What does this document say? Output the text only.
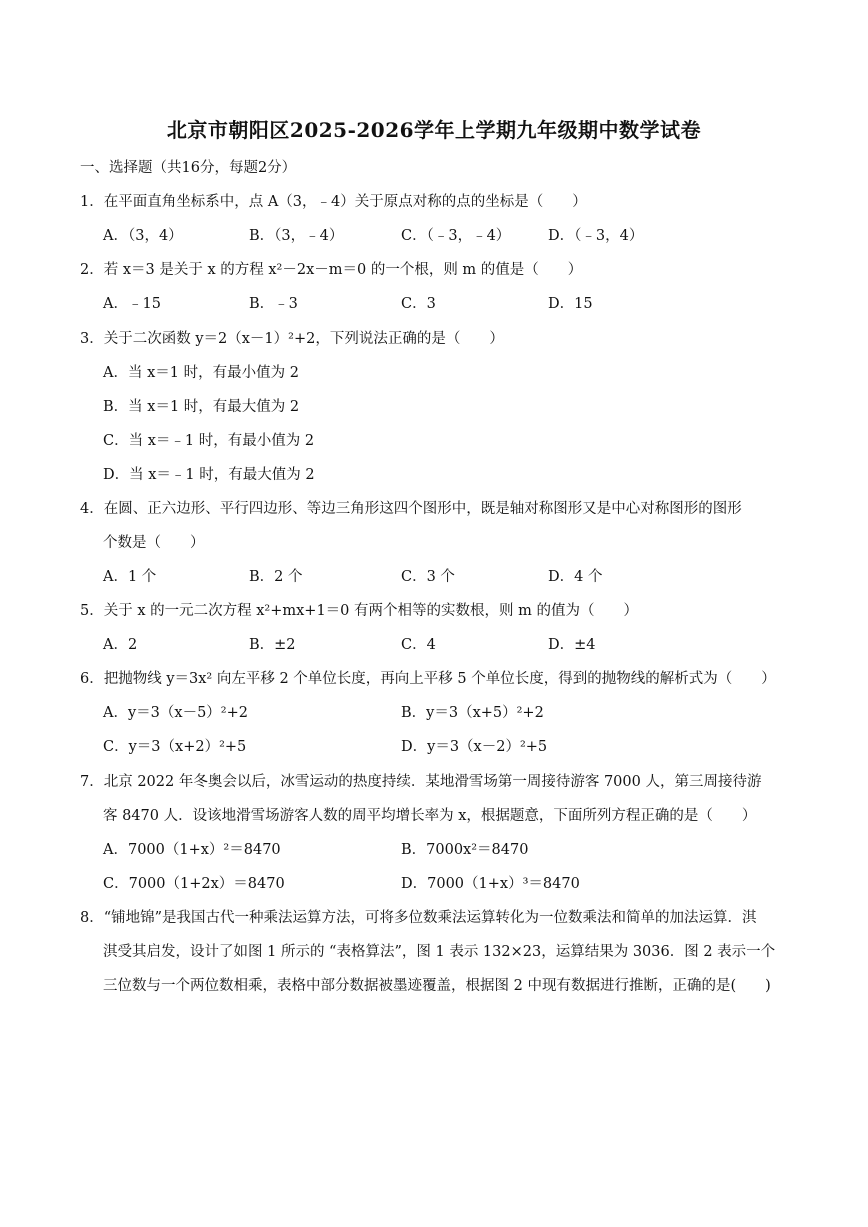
北京市朝阳区2025-2026学年上学期九年级期中数学试卷
一、选择题（共16分，每题2分）
1．在平面直角坐标系中，点 A（3，﹣4）关于原点对称的点的坐标是（　　）
A．（3，4）	B．（3，﹣4）	C．（﹣3，﹣4）	D．（﹣3，4）
2．若 x＝3 是关于 x 的方程 x²－2x－m＝0 的一个根，则 m 的值是（　　）
A．﹣15	B．﹣3	C．3	D．15
3．关于二次函数 y＝2（x－1）²+2，下列说法正确的是（　　）
A．当 x＝1 时，有最小值为 2
B．当 x＝1 时，有最大值为 2
C．当 x＝﹣1 时，有最小值为 2
D．当 x＝﹣1 时，有最大值为 2
4．在圆、正六边形、平行四边形、等边三角形这四个图形中，既是轴对称图形又是中心对称图形的图形
个数是（　　）
A．1 个	B．2 个	C．3 个	D．4 个
5．关于 x 的一元二次方程 x²+mx+1＝0 有两个相等的实数根，则 m 的值为（　　）
A．2	B．±2	C．4	D．±4
6．把抛物线 y＝3x² 向左平移 2 个单位长度，再向上平移 5 个单位长度，得到的抛物线的解析式为（　　）
A．y＝3（x－5）²+2	B．y＝3（x+5）²+2
C．y＝3（x+2）²+5	D．y＝3（x－2）²+5
7．北京 2022 年冬奥会以后，冰雪运动的热度持续．某地滑雪场第一周接待游客 7000 人，第三周接待游
客 8470 人．设该地滑雪场游客人数的周平均增长率为 x，根据题意，下面所列方程正确的是（　　）
A．7000（1+x）²＝8470	B．7000x²＝8470
C．7000（1+2x）＝8470	D．7000（1+x）³＝8470
8．“铺地锦”是我国古代一种乘法运算方法，可将多位数乘法运算转化为一位数乘法和简单的加法运算．淇
淇受其启发，设计了如图 1 所示的 “表格算法”，图 1 表示 132×23，运算结果为 3036．图 2 表示一个
三位数与一个两位数相乘，表格中部分数据被墨迹覆盖，根据图 2 中现有数据进行推断，正确的是(　　)
